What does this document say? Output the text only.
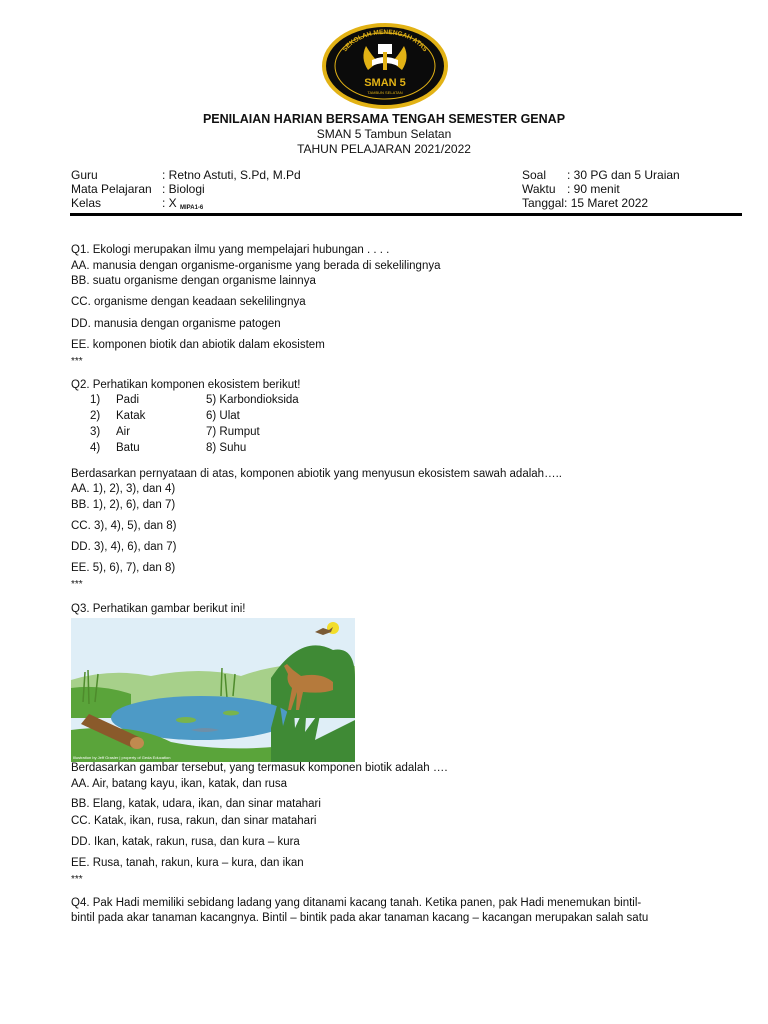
SEKOLAH MENENGAH ATAS
SMAN 5
TAMBUN SELATAN
PENILAIAN HARIAN BERSAMA TENGAH SEMESTER GENAP
SMAN 5 Tambun Selatan
TAHUN PELAJARAN 2021/2022
Guru	: Retno Astuti, S.Pd, M.Pd
Mata Pelajaran : Biologi
Kelas	: X $_{MIPA1-6}$
Soal : 30 PG dan 5 Uraian
Waktu : 90 menit
Tanggal: 15 Maret 2022
Q1. Ekologi merupakan ilmu yang mempelajari hubungan . . . .
AA. manusia dengan organisme-organisme yang berada di sekelilingnya
BB. suatu organisme dengan organisme lainnya
CC. organisme dengan keadaan sekelilingnya
DD. manusia dengan organisme patogen
EE. komponen biotik dan abiotik dalam ekosistem
***
Q2. Perhatikan komponen ekosistem berikut!
1) Padi	5) Karbondioksida
2) Katak	6) Ulat
3) Air	7) Rumput
4) Batu	8) Suhu
Berdasarkan pernyataan di atas, komponen abiotik yang menyusun ekosistem sawah adalah…..
AA. 1), 2), 3), dan 4)
BB. 1), 2), 6), dan 7)
CC. 3), 4), 5), dan 8)
DD. 3), 4), 6), dan 7)
EE. 5), 6), 7), dan 8)
***
Q3. Perhatikan gambar berikut ini!
Illustration by Jeff Grasler | property of Geda Education
Berdasarkan gambar tersebut, yang termasuk komponen biotik adalah ….
AA. Air, batang kayu, ikan, katak, dan rusa
BB. Elang, katak, udara, ikan, dan sinar matahari
CC. Katak, ikan, rusa, rakun, dan sinar matahari
DD. Ikan, katak, rakun, rusa, dan kura – kura
EE. Rusa, tanah, rakun, kura – kura, dan ikan
***
Q4. Pak Hadi memiliki sebidang ladang yang ditanami kacang tanah. Ketika panen, pak Hadi menemukan bintil-
bintil pada akar tanaman kacangnya. Bintil – bintik pada akar tanaman kacang – kacangan merupakan salah satu
